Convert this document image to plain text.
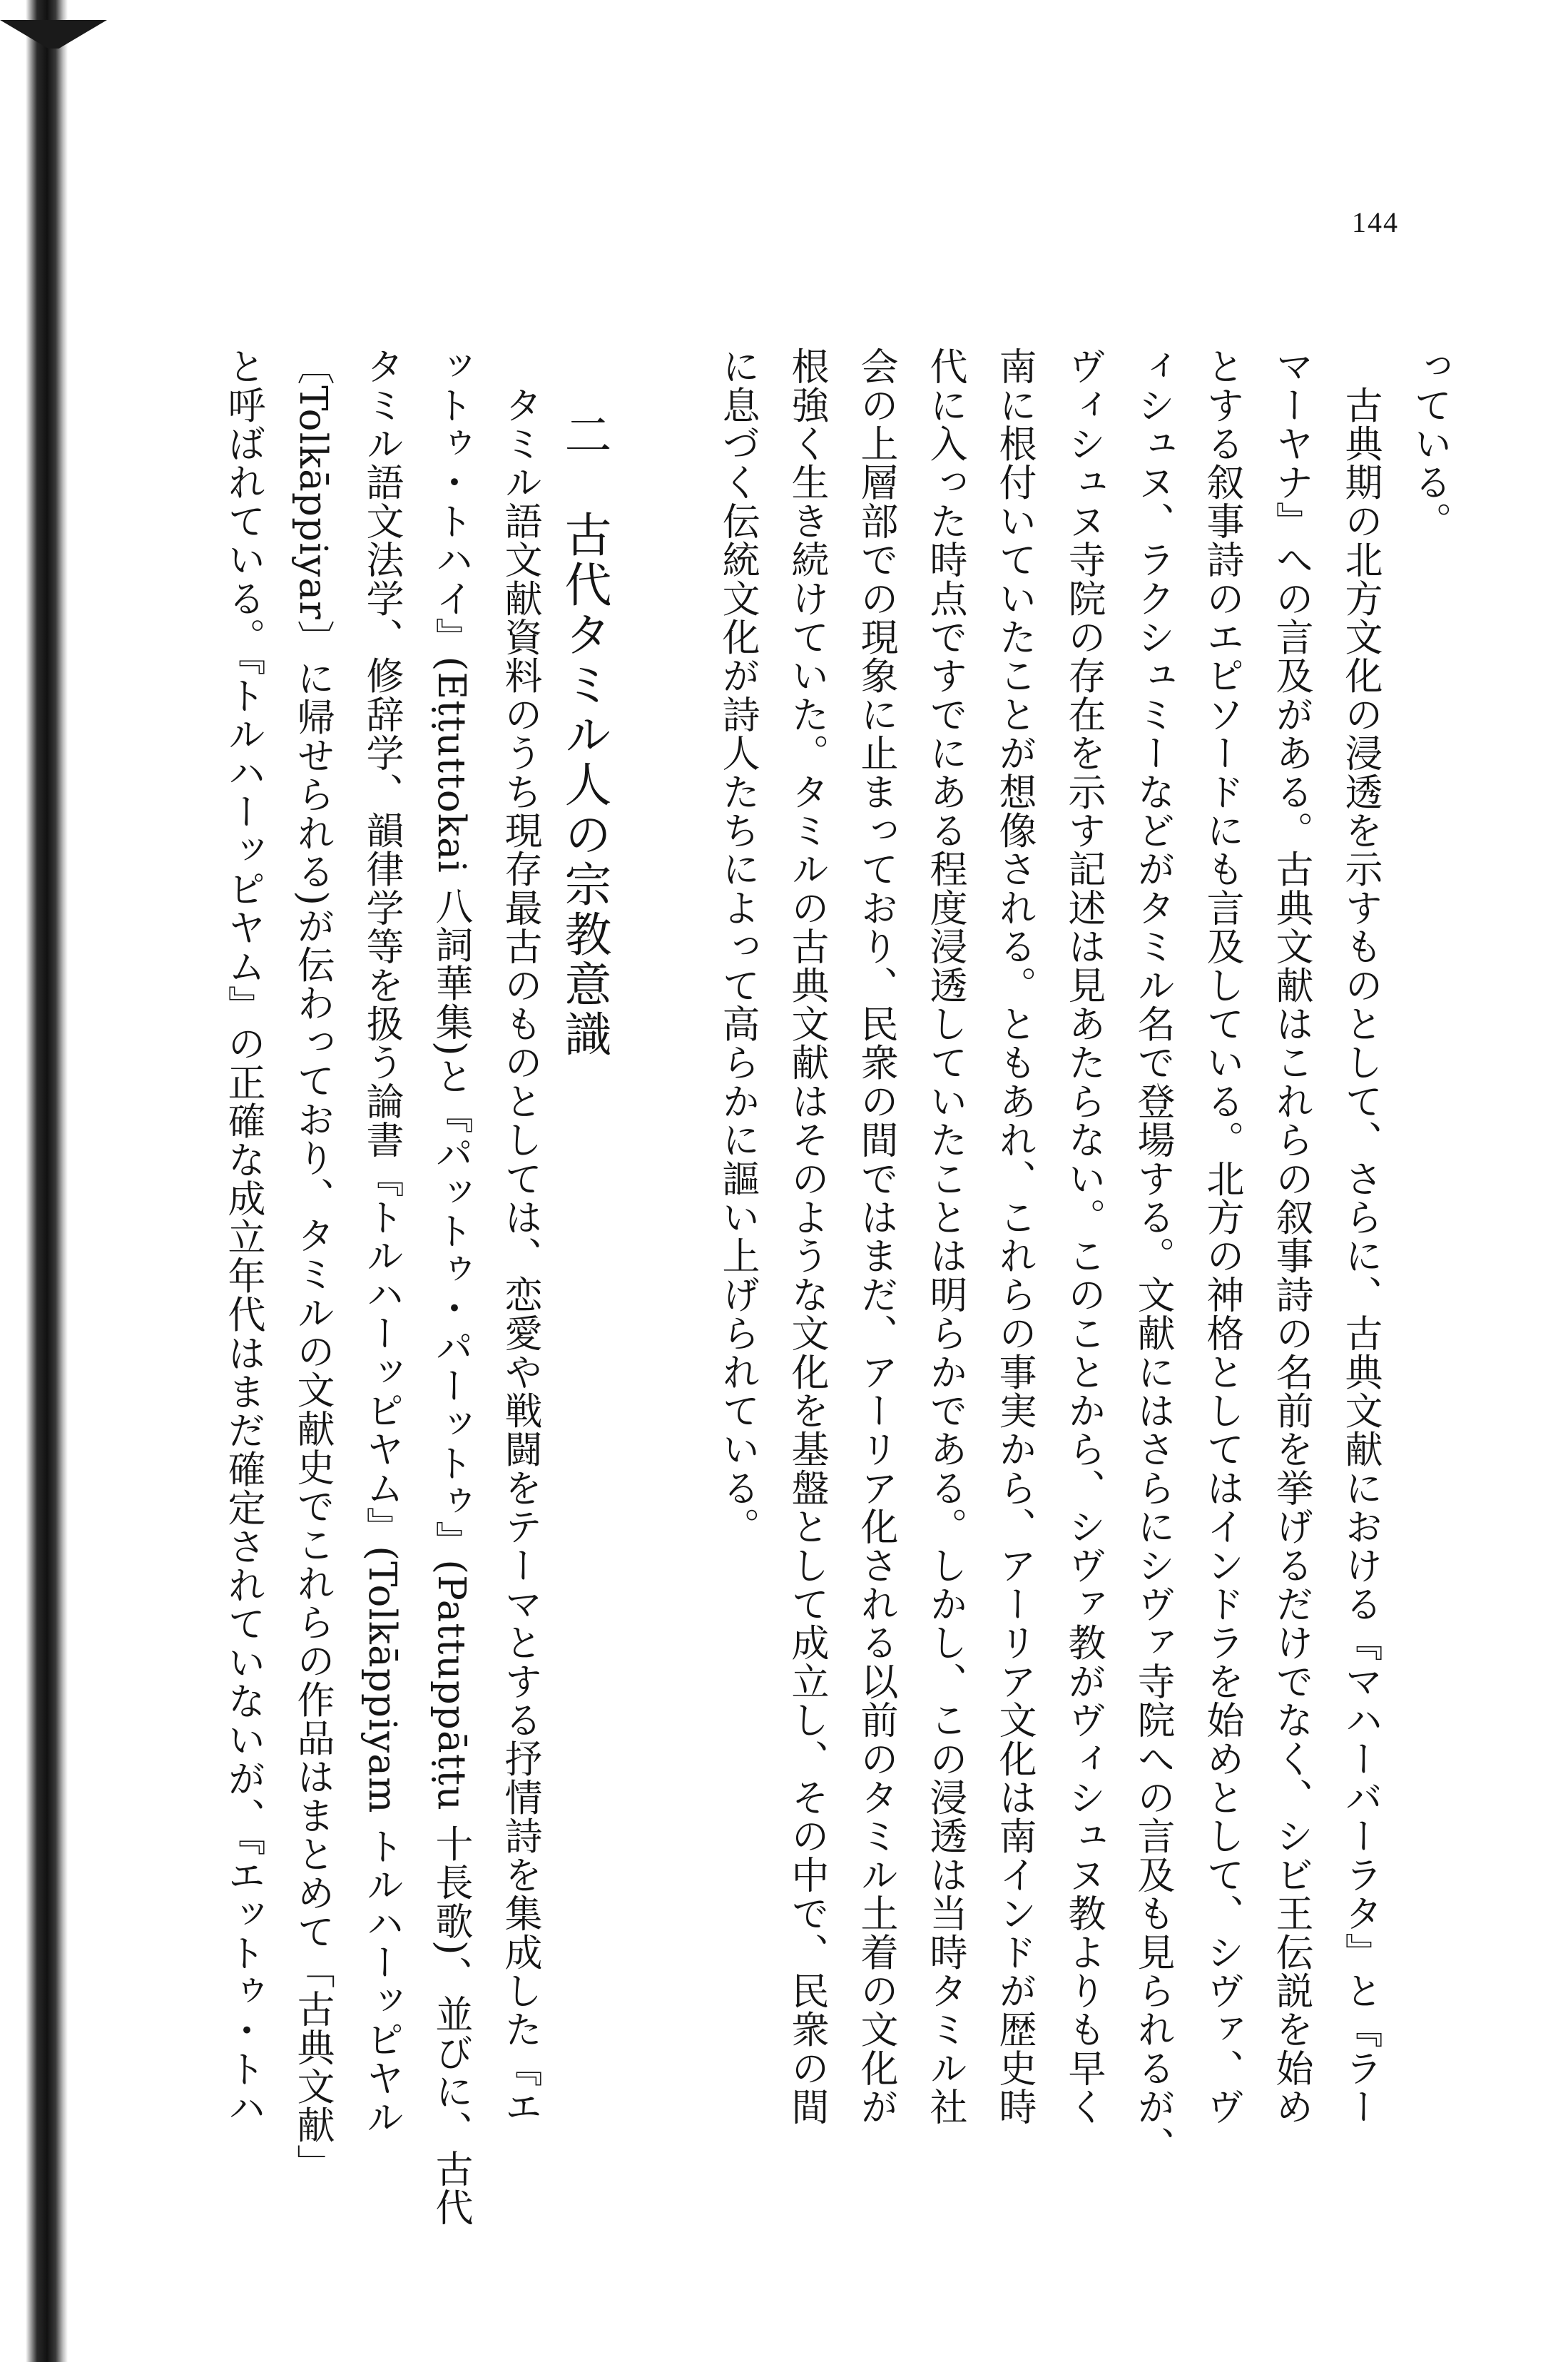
144
っている。
　古典期の北方文化の浸透を示すものとして、さらに、古典文献における『マハーバーラタ』と『ラー
マーヤナ』への言及がある。古典文献はこれらの叙事詩の名前を挙げるだけでなく、シビ王伝説を始め
とする叙事詩のエピソードにも言及している。北方の神格としてはインドラを始めとして、シヴァ、ヴ
ィシュヌ、ラクシュミーなどがタミル名で登場する。文献にはさらにシヴァ寺院への言及も見られるが、
ヴィシュヌ寺院の存在を示す記述は見あたらない。このことから、シヴァ教がヴィシュヌ教よりも早く
南に根付いていたことが想像される。ともあれ、これらの事実から、アーリア文化は南インドが歴史時
代に入った時点ですでにある程度浸透していたことは明らかである。しかし、この浸透は当時タミル社
会の上層部での現象に止まっており、民衆の間ではまだ、アーリア化される以前のタミル土着の文化が
根強く生き続けていた。タミルの古典文献はそのような文化を基盤として成立し、その中で、民衆の間
に息づく伝統文化が詩人たちによって高らかに謳い上げられている。
二　古代タミル人の宗教意識
　タミル語文献資料のうち現存最古のものとしては、恋愛や戦闘をテーマとする抒情詩を集成した『エ
ットゥ・トハイ』(Eṭṭuttokai 八詞華集)と『パットゥ・パーットゥ』(Pattuppāṭṭu 十長歌)、並びに、古代
タミル語文法学、修辞学、韻律学等を扱う論書『トルハーッピヤム』(Tolkāppiyam トルハーッピヤル
〔Tolkāppiyar〕に帰せられる)が伝わっており、タミルの文献史でこれらの作品はまとめて「古典文献」
と呼ばれている。『トルハーッピヤム』の正確な成立年代はまだ確定されていないが、『エットゥ・トハ
